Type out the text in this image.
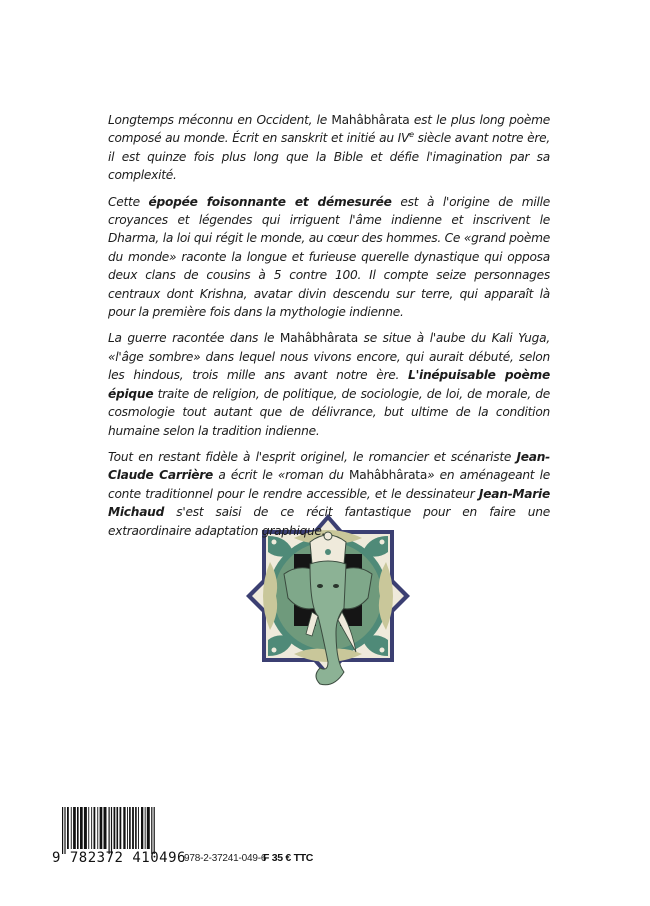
Longtemps méconnu en Occident, le Mahâbhârata est le plus long poème composé au monde. Écrit en sanskrit et initié au IVe siècle avant notre ère, il est quinze fois plus long que la Bible et défie l'imagination par sa complexité.

Cette épopée foisonnante et démesurée est à l'origine de mille croyances et légendes qui irriguent l'âme indienne et inscrivent le Dharma, la loi qui régit le monde, au cœur des hommes. Ce «grand poème du monde» raconte la longue et furieuse querelle dynastique qui opposa deux clans de cousins à 5 contre 100. Il compte seize personnages centraux dont Krishna, avatar divin descendu sur terre, qui apparaît là pour la première fois dans la mythologie indienne.

La guerre racontée dans le Mahâbhârata se situe à l'aube du Kali Yuga, «l'âge sombre» dans lequel nous vivons encore, qui aurait débuté, selon les hindous, trois mille ans avant notre ère. L'inépuisable poème épique traite de religion, de politique, de sociologie, de loi, de morale, de cosmologie tout autant que de délivrance, but ultime de la condition humaine selon la tradition indienne.

Tout en restant fidèle à l'esprit originel, le romancier et scénariste Jean-Claude Carrière a écrit le «roman du Mahâbhârata» en aménageant le conte traditionnel pour le rendre accessible, et le dessinateur Jean-Marie Michaud s'est saisi de ce récit fantastique pour en faire une extraordinaire adaptation graphique.

9 782372 410496
978-2-37241-049-6
F 35 € TTC
